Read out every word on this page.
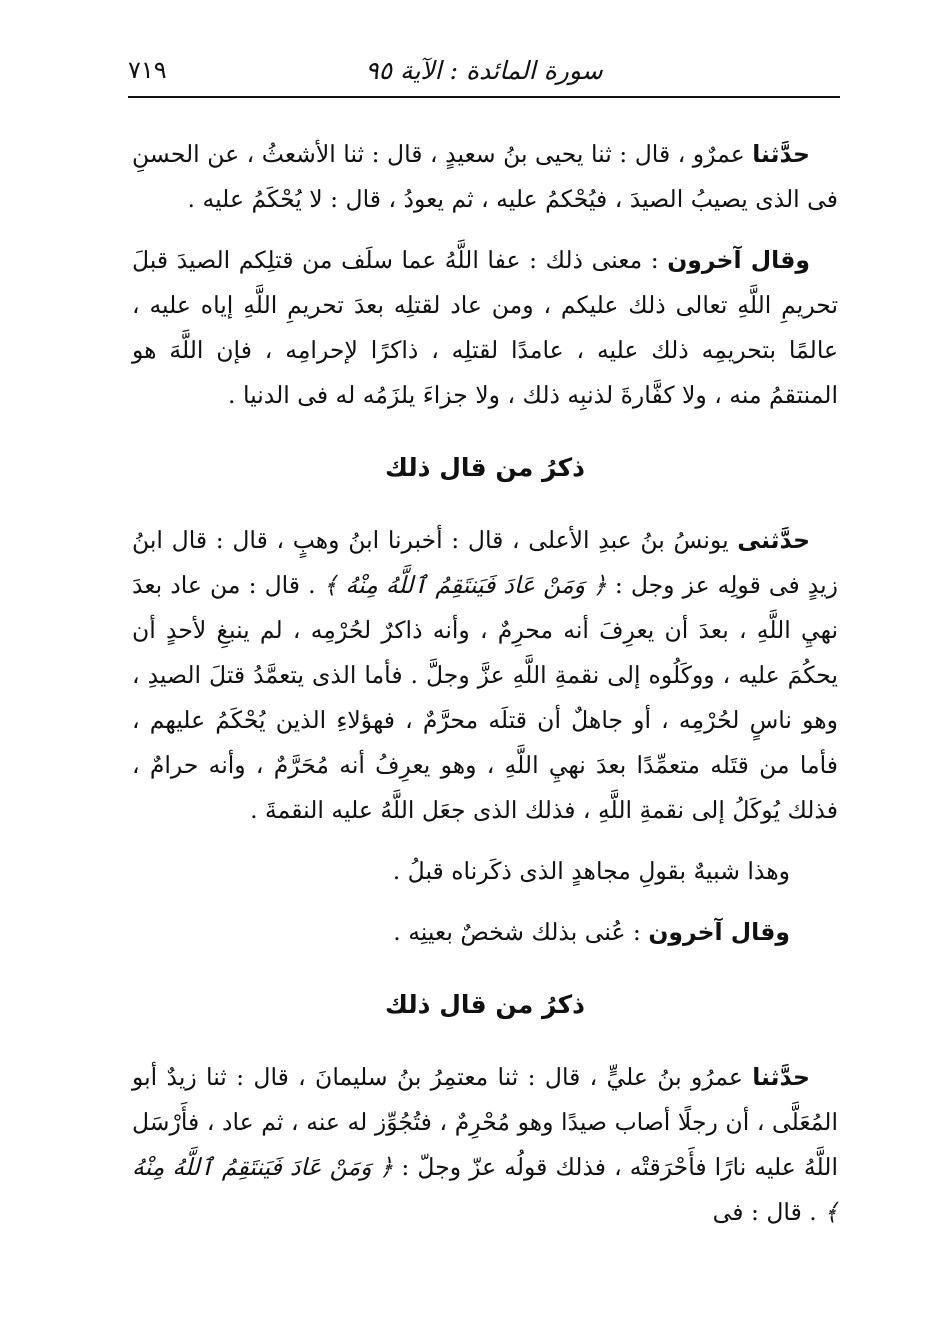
سورة المائدة : الآية ٩٥
٧١٩

حدَّثنا عمرٌو ، قال : ثنا يحيى بنُ سعيدٍ ، قال : ثنا الأشعثُ ، عن الحسنِ فى الذى يصيبُ الصيدَ ، فيُحْكمُ عليه ، ثم يعودُ ، قال : لا يُحْكَمُ عليه .

وقال آخرون : معنى ذلك : عفا اللَّهُ عما سلَف من قتلِكم الصيدَ قبلَ تحريمِ اللَّهِ تعالى ذلك عليكم ، ومن عاد لقتلِه بعدَ تحريمِ اللَّهِ إياه عليه ، عالمًا بتحريمِه ذلك عليه ، عامدًا لقتلِه ، ذاكرًا لإحرامِه ، فإن اللَّهَ هو المنتقمُ منه ، ولا كفَّارةَ لذنبِه ذلك ، ولا جزاءَ يلزَمُه له فى الدنيا .

ذكرُ من قال ذلك

حدَّثنى يونسُ بنُ عبدِ الأعلى ، قال : أخبرنا ابنُ وهبٍ ، قال : قال ابنُ زيدٍ فى قولِه عز وجل : ﴿ وَمَنْ عَادَ فَيَنتَقِمُ ٱللَّهُ مِنْهُ ﴾ . قال : من عاد بعدَ نهيِ اللَّهِ ، بعدَ أن يعرِفَ أنه محرِمٌ ، وأنه ذاكرٌ لحُرْمِه ، لم ينبغِ لأحدٍ أن يحكُمَ عليه ، ووكَلُوه إلى نقمةِ اللَّهِ عزَّ وجلَّ . فأما الذى يتعمَّدُ قتلَ الصيدِ ، وهو ناسٍ لحُرْمِه ، أو جاهلٌ أن قتلَه محرَّمٌ ، فهؤلاءِ الذين يُحْكَمُ عليهم ، فأما من قتَله متعمِّدًا بعدَ نهيِ اللَّهِ ، وهو يعرِفُ أنه مُحَرَّمٌ ، وأنه حرامٌ ، فذلك يُوكَلُ إلى نقمةِ اللَّهِ ، فذلك الذى جعَل اللَّهُ عليه النقمةَ .

وهذا شبيهٌ بقولِ مجاهدٍ الذى ذكَرناه قبلُ .

وقال آخرون : عُنى بذلك شخصٌ بعينِه .

ذكرُ من قال ذلك

حدَّثنا عمرُو بنُ عليٍّ ، قال : ثنا معتمِرُ بنُ سليمانَ ، قال : ثنا زيدٌ أبو المُعَلَّى ، أن رجلًا أصاب صيدًا وهو مُحْرِمٌ ، فتُجُوِّز له عنه ، ثم عاد ، فأَرْسَل اللَّهُ عليه نارًا فأَحْرَقتْه ، فذلك قولُه عزّ وجلّ : ﴿ وَمَنْ عَادَ فَيَنتَقِمُ ٱللَّهُ مِنْهُ ﴾ . قال : فى
